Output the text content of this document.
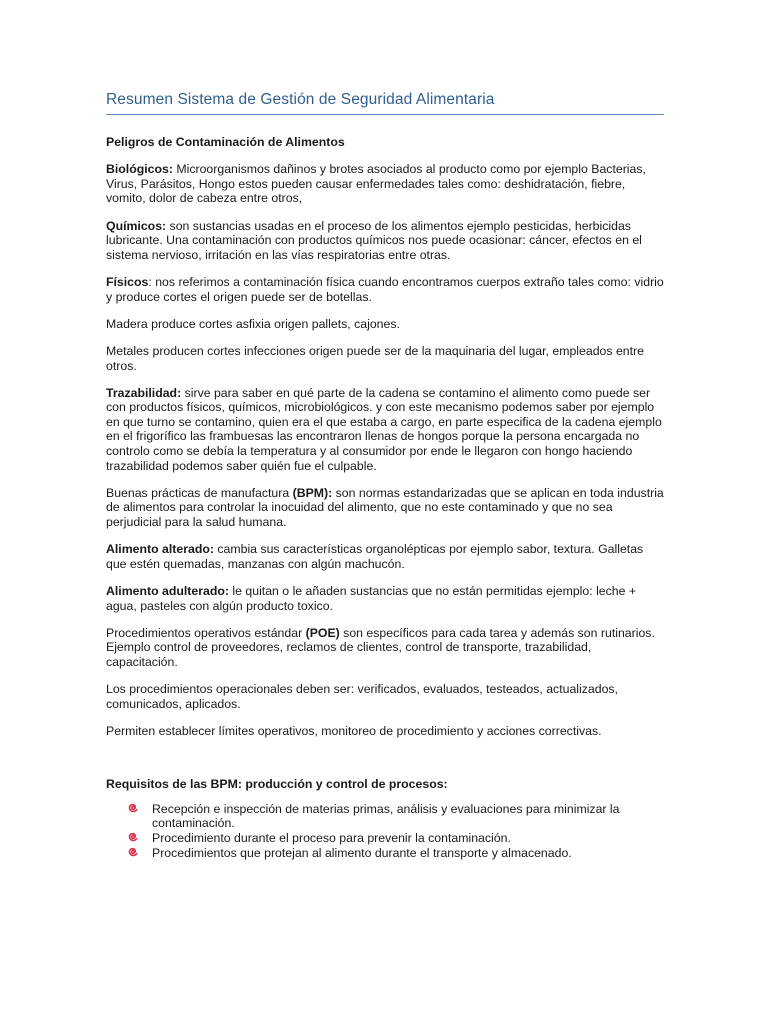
Resumen Sistema de Gestión de Seguridad Alimentaria

Peligros de Contaminación de Alimentos

Biológicos: Microorganismos dañinos y brotes asociados al producto como por ejemplo Bacterias, Virus, Parásitos, Hongo estos pueden causar enfermedades tales como: deshidratación, fiebre, vomito, dolor de cabeza entre otros,

Químicos: son sustancias usadas en el proceso de los alimentos ejemplo pesticidas, herbicidas lubricante. Una contaminación con productos químicos nos puede ocasionar: cáncer, efectos en el sistema nervioso, irritación en las vías respiratorias entre otras.

Físicos: nos referimos a contaminación física cuando encontramos cuerpos extraño tales como: vidrio y produce cortes el origen puede ser de botellas.

Madera produce cortes asfixia origen pallets, cajones.

Metales producen cortes infecciones origen puede ser de la maquinaria del lugar, empleados entre otros.

Trazabilidad: sirve para saber en qué parte de la cadena se contamino el alimento como puede ser con productos físicos, químicos, microbiológicos. y con este mecanismo podemos saber por ejemplo en que turno se contamino, quien era el que estaba a cargo, en parte especifica de la cadena ejemplo en el frigorífico las frambuesas las encontraron llenas de hongos porque la persona encargada no controlo como se debía la temperatura y al consumidor por ende le llegaron con hongo haciendo trazabilidad podemos saber quién fue el culpable.

Buenas prácticas de manufactura (BPM): son normas estandarizadas que se aplican en toda industria de alimentos para controlar la inocuidad del alimento, que no este contaminado y que no sea perjudicial para la salud humana.

Alimento alterado: cambia sus características organolépticas por ejemplo sabor, textura. Galletas que estén quemadas, manzanas con algún machucón.

Alimento adulterado: le quitan o le añaden sustancias que no están permitidas ejemplo: leche + agua, pasteles con algún producto toxico.

Procedimientos operativos estándar (POE) son específicos para cada tarea y además son rutinarios. Ejemplo control de proveedores, reclamos de clientes, control de transporte, trazabilidad, capacitación.

Los procedimientos operacionales deben ser: verificados, evaluados, testeados, actualizados, comunicados, aplicados.

Permiten establecer límites operativos, monitoreo de procedimiento y acciones correctivas.

Requisitos de las BPM: producción y control de procesos:

Recepción e inspección de materias primas, análisis y evaluaciones para minimizar la contaminación.
Procedimiento durante el proceso para prevenir la contaminación.
Procedimientos que protejan al alimento durante el transporte y almacenado.
